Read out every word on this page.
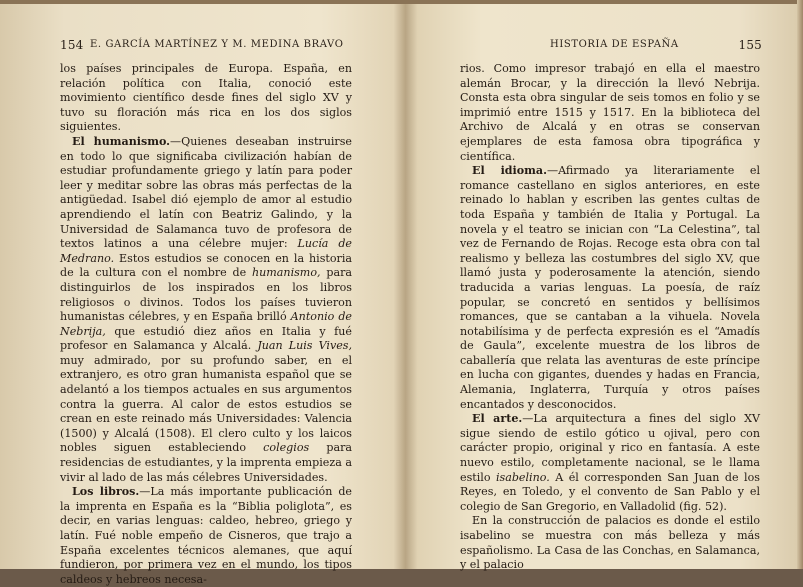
154 E. GARCÍA MARTÍNEZ Y M. MEDINA BRAVO

los países principales de Europa. España, en relación política con Italia, conoció este movimiento científico desde fines del siglo XV y tuvo su floración más rica en los dos siglos siguientes.

El humanismo.—Quienes deseaban instruirse en todo lo que significaba civilización habían de estudiar profundamente griego y latín para poder leer y meditar sobre las obras más perfectas de la antigüedad. Isabel dió ejemplo de amor al estudio aprendiendo el latín con Beatriz Galindo, y la Universidad de Salamanca tuvo de profesora de textos latinos a una célebre mujer: Lucía de Medrano. Estos estudios se conocen en la historia de la cultura con el nombre de humanismo, para distinguirlos de los inspirados en los libros religiosos o divinos. Todos los países tuvieron humanistas célebres, y en España brilló Antonio de Nebrija, que estudió diez años en Italia y fué profesor en Salamanca y Alcalá. Juan Luis Vives, muy admirado, por su profundo saber, en el extranjero, es otro gran humanista español que se adelantó a los tiempos actuales en sus argumentos contra la guerra. Al calor de estos estudios se crean en este reinado más Universidades: Valencia (1500) y Alcalá (1508). El clero culto y los laicos nobles siguen estableciendo colegios para residencias de estudiantes, y la imprenta empieza a vivir al lado de las más célebres Universidades.

Los libros.—La más importante publicación de la imprenta en España es la “Biblia poliglota”, es decir, en varias lenguas: caldeo, hebreo, griego y latín. Fué noble empeño de Cisneros, que trajo a España excelentes técnicos alemanes, que aquí fundieron, por primera vez en el mundo, los tipos caldeos y hebreos necesa-

HISTORIA DE ESPAÑA	155

rios. Como impresor trabajó en ella el maestro alemán Brocar, y la dirección la llevó Nebrija. Consta esta obra singular de seis tomos en folio y se imprimió entre 1515 y 1517. En la biblioteca del Archivo de Alcalá y en otras se conservan ejemplares de esta famosa obra tipográfica y científica.

El idioma.—Afirmado ya literariamente el romance castellano en siglos anteriores, en este reinado lo hablan y escriben las gentes cultas de toda España y también de Italia y Portugal. La novela y el teatro se inician con “La Celestina”, tal vez de Fernando de Rojas. Recoge esta obra con tal realismo y belleza las costumbres del siglo XV, que llamó justa y poderosamente la atención, siendo traducida a varias lenguas. La poesía, de raíz popular, se concretó en sentidos y bellísimos romances, que se cantaban a la vihuela. Novela notabilísima y de perfecta expresión es el “Amadís de Gaula”, excelente muestra de los libros de caballería que relata las aventuras de este príncipe en lucha con gigantes, duendes y hadas en Francia, Alemania, Inglaterra, Turquía y otros países encantados y desconocidos.

El arte.—La arquitectura a fines del siglo XV sigue siendo de estilo gótico u ojival, pero con carácter propio, original y rico en fantasía. A este nuevo estilo, completamente nacional, se le llama estilo isabelino. A él corresponden San Juan de los Reyes, en Toledo, y el convento de San Pablo y el colegio de San Gregorio, en Valladolid (fig. 52).

En la construcción de palacios es donde el estilo isabelino se muestra con más belleza y más españolismo. La Casa de las Conchas, en Salamanca, y el palacio
